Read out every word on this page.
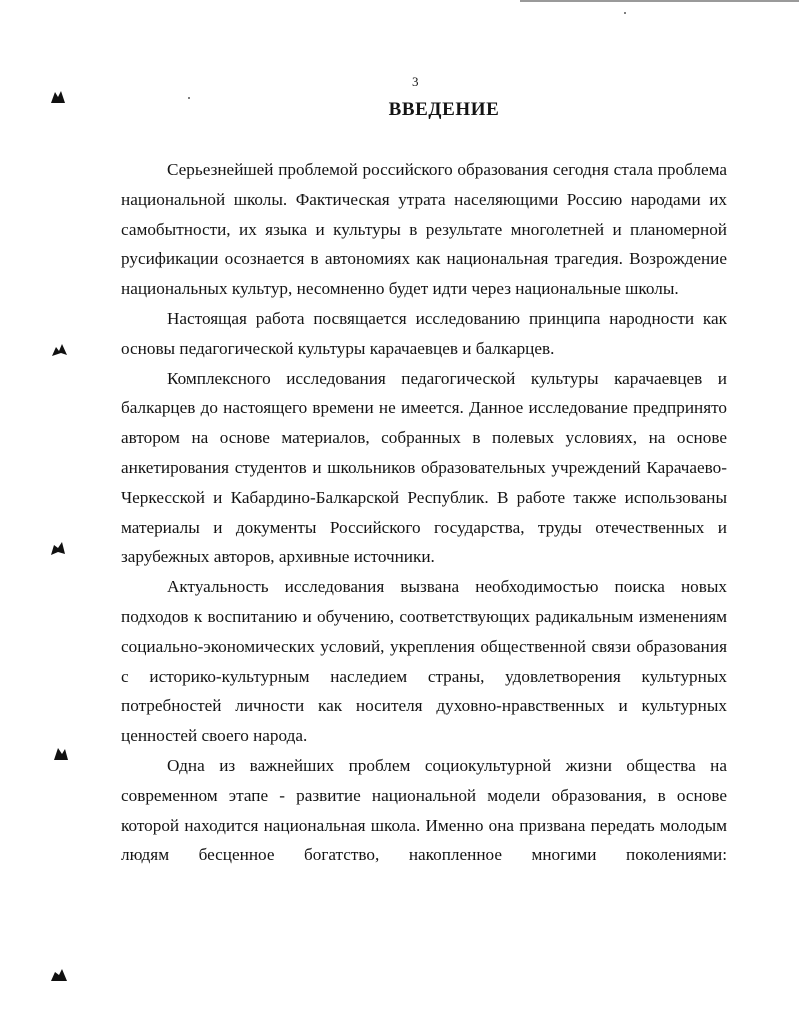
3
ВВЕДЕНИЕ

Серьезнейшей проблемой российского образования сегодня стала проблема национальной школы. Фактическая утрата населяющими Россию народами их самобытности, их языка и культуры в результате многолетней и планомерной русификации осознается в автономиях как национальная трагедия. Возрождение национальных культур, несомненно будет идти через национальные школы.

Настоящая работа посвящается исследованию принципа народности как основы педагогической культуры карачаевцев и балкарцев.

Комплексного исследования педагогической культуры карачаевцев и балкарцев до настоящего времени не имеется. Данное исследование предпринято автором на основе материалов, собранных в полевых условиях, на основе анкетирования студентов и школьников образовательных учреждений Карачаево-Черкесской и Кабардино-Балкарской Республик. В работе также использованы материалы и документы Российского государства, труды отечественных и зарубежных авторов, архивные источники.

Актуальность исследования вызвана необходимостью поиска новых подходов к воспитанию и обучению, соответствующих радикальным изменениям социально-экономических условий, укрепления общественной связи образования с историко-культурным наследием страны, удовлетворения культурных потребностей личности как носителя духовно-нравственных и культурных ценностей своего народа.

Одна из важнейших проблем социокультурной жизни общества на современном этапе - развитие национальной модели образования, в основе которой находится национальная школа. Именно она призвана передать молодым людям бесценное богатство, накопленное многими поколениями:
